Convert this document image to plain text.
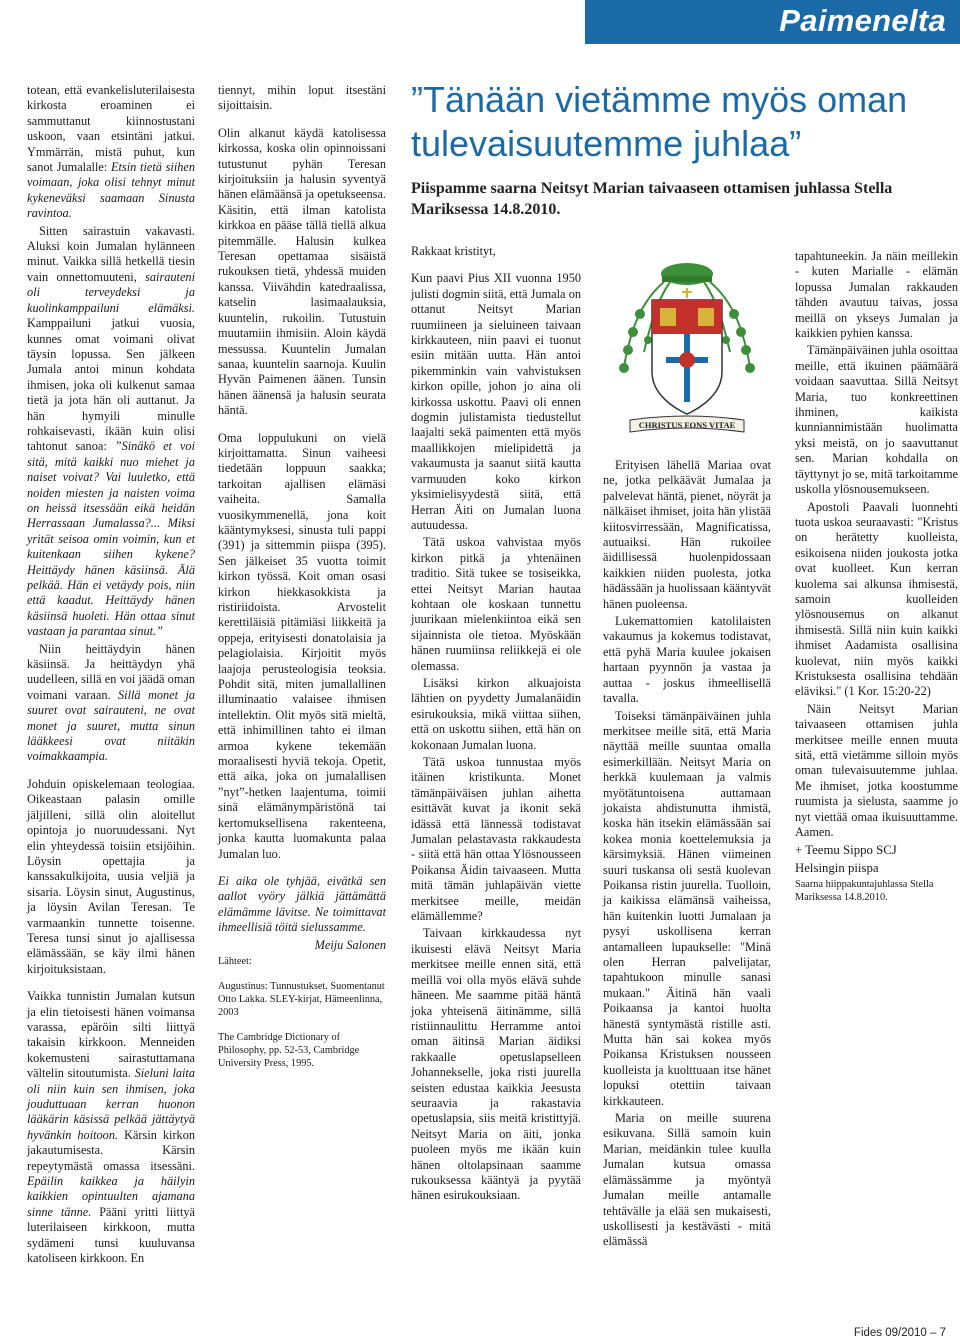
Paimenelta

totean, että evankelisluterilaisesta kirkosta eroaminen ei sammuttanut kiinnostustani uskoon, vaan etsintäni jatkui. Ymmärrän, mistä puhut, kun sanot Jumalalle: Etsin tietä siihen voimaan, joka olisi tehnyt minut kykeneväksi saamaan Sinusta ravintoa.

Sitten sairastuin vakavasti. Aluksi koin Jumalan hylänneen minut. Vaikka sillä hetkellä tiesin vain onnettomuuteni, sairauteni oli terveydeksi ja kuolinkamppailuni elämäksi. Kamppailuni jatkui vuosia, kunnes omat voimani olivat täysin lopussa. Sen jälkeen Jumala antoi minun kohdata ihmisen, joka oli kulkenut samaa tietä ja jota hän oli auttanut. Ja hän hymyili minulle rohkaisevasti, ikään kuin olisi tahtonut sanoa: ”Sinäkö et voi sitä, mitä kaikki nuo miehet ja naiset voivat? Vai luuletko, että noiden miesten ja naisten voima on heissä itsessään eikä heidän Herrassaan Jumalassa?... Miksi yrität seisoa omin voimin, kun et kuitenkaan siihen kykene? Heittäydy hänen käsiinsä. Älä pelkää. Hän ei vetäydy pois, niin että kaadut. Heittäydy hänen käsiinsä huoleti. Hän ottaa sinut vastaan ja parantaa sinut.”

Niin heittäydyin hänen käsiinsä. Ja heittäydyn yhä uudelleen, sillä en voi jäädä oman voimani varaan. Sillä monet ja suuret ovat sairauteni, ne ovat monet ja suuret, mutta sinun lääkkeesi ovat niitäkin voimakkaampia.

Johduin opiskelemaan teologiaa. Oikeastaan palasin omille jäljilleni, sillä olin aloitellut opintoja jo nuoruudessani. Nyt elin yhteydessä toisiin etsijöihin. Löysin opettajia ja kanssakulkijoita, uusia veljiä ja sisaria. Löysin sinut, Augustinus, ja löysin Avilan Teresan. Te varmaankin tunnette toisenne. Teresa tunsi sinut jo ajallisessa elämässään, se käy ilmi hänen kirjoituksistaan.

Vaikka tunnistin Jumalan kutsun ja elin tietoisesti hänen voimansa varassa, epäröin silti liittyä takaisin kirkkoon. Menneiden kokemusteni sairastuttamana vältelin sitoutumista. Sieluni laita oli niin kuin sen ihmisen, joka jouduttuaan kerran huonon lääkärin käsissä pelkää jättäytyä hyvänkin hoitoon. Kärsin kirkon jakautumisesta. Kärsin repeytymästä omassa itsessäni. Epäilin kaikkea ja häilyin kaikkien opintuulten ajamana sinne tänne. Pääni yritti liittyä luterilaiseen kirkkoon, mutta sydämeni tunsi kuuluvansa katoliseen kirkkoon. En

tiennyt, mihin loput itsestäni sijoittaisin.

Olin alkanut käydä katolisessa kirkossa, koska olin opinnoissani tutustunut pyhän Teresan kirjoituksiin ja halusin syventyä hänen elämäänsä ja opetukseensa. Käsitin, että ilman katolista kirkkoa en pääse tällä tiellä alkua pitemmälle. Halusin kulkea Teresan opettamaa sisäistä rukouksen tietä, yhdessä muiden kanssa. Viivähdin katedraalissa, katselin lasimaalauksia, kuuntelin, rukoilin. Tutustuin muutamiin ihmisiin. Aloin käydä messussa. Kuuntelin Jumalan sanaa, kuuntelin saarnoja. Kuulin Hyvän Paimenen äänen. Tunsin hänen äänensä ja halusin seurata häntä.

Oma loppulukuni on vielä kirjoittamatta. Sinun vaiheesi tiedetään loppuun saakka; tarkoitan ajallisen elämäsi vaiheita. Samalla vuosikymmenellä, jona koit kääntymyksesi, sinusta tuli pappi (391) ja sittemmin piispa (395). Sen jälkeiset 35 vuotta toimit kirkon työssä. Koit oman osasi kirkon hiekkasokkista ja ristiriidoista. Arvostelit kerettiläisiä pitämiäsi liikkeitä ja oppeja, erityisesti donatolaisia ja pelagiolaisia. Kirjoitit myös laajoja perusteologisia teoksia. Pohdit sitä, miten jumallallinen illuminaatio valaisee ihmisen intellektin. Olit myös sitä mieltä, että inhimillinen tahto ei ilman armoa kykene tekemään moraalisesti hyviä tekoja. Opetit, että aika, joka on jumalallisen ”nyt”-hetken laajentuma, toimii sinä elämänympäristönä tai kertomuksellisena rakenteena, jonka kautta luomakunta palaa Jumalan luo.

Ei aika ole tyhjää, eivätkä sen aallot vyöry jälkiä jättämättä elämämme lävitse. Ne toimittavat ihmeellisiä töitä sielussamme.

Meiju Salonen

Lähteet:

Augustinus: Tunnustukset. Suomentanut Otto Lakka. SLEY-kirjat, Hämeenlinna, 2003

The Cambridge Dictionary of Philosophy, pp. 52-53, Cambridge University Press, 1995.

”Tänään vietämme myös oman tulevaisuutemme juhlaa”
Piispamme saarna Neitsyt Marian taivaaseen ottamisen juhlassa Stella Mariksessa 14.8.2010.

Rakkaat kristityt,

Kun paavi Pius XII vuonna 1950 julisti dogmin siitä, että Jumala on ottanut Neitsyt Marian ruumiineen ja sieluineen taivaan kirkkauteen, niin paavi ei tuonut esiin mitään uutta. Hän antoi pikemminkin vain vahvistuksen kirkon opille, johon jo aina oli kirkossa uskottu. Paavi oli ennen dogmin julistamista tiedustellut laajalti sekä paimenten että myös maallikkojen mielipidettä ja vakaumusta ja saanut siitä kautta varmuuden koko kirkon yksimielisyydestä siitä, että Herran Äiti on Jumalan luona autuudessa.

Tätä uskoa vahvistaa myös kirkon pitkä ja yhtenäinen traditio. Sitä tukee se tosiseikka, ettei Neitsyt Marian hautaa kohtaan ole koskaan tunnettu juurikaan mielenkiintoa eikä sen sijainnista ole tietoa. Myöskään hänen ruumiinsa reliikkejä ei ole olemassa.

Lisäksi kirkon alkuajoista lähtien on pyydetty Jumalanäidin esirukouksia, mikä viittaa siihen, että on uskottu siihen, että hän on kokonaan Jumalan luona.

Tätä uskoa tunnustaa myös itäinen kristikunta. Monet tämänpäiväisen juhlan aihetta esittävät kuvat ja ikonit sekä idässä että lännessä todistavat Jumalan pelastavasta rakkaudesta - siitä että hän ottaa Ylösnousseen Poikansa Äidin taivaaseen. Mutta mitä tämän juhlapäivän viette merkitsee meille, meidän elämällemme?

Taivaan kirkkaudessa nyt ikuisesti elävä Neitsyt Maria merkitsee meille ennen sitä, että meillä voi olla myös elävä suhde häneen. Me saamme pitää häntä joka yhteisenä äitinämme, sillä ristiinnaulittu Herramme antoi oman äitinsä Marian äidiksi rakkaalle opetuslapselleen Johannekselle, joka risti juurella seisten edustaa kaikkia Jeesusta seuraavia ja rakastavia opetuslapsia, siis meitä kristittyjä. Neitsyt Maria on äiti, jonka puoleen myös me ikään kuin hänen oltolapsinaan saamme rukouksessa kääntyä ja pyytää hänen esirukouksiaan.

CHRISTUS FONS VITAE

Erityisen lähellä Mariaa ovat ne, jotka pelkäävät Jumalaa ja palvelevat häntä, pienet, nöyrät ja nälkäiset ihmiset, joita hän ylistää kiitosvirressään, Magnificatissa, autuaiksi. Hän rukoilee äidillisessä huolenpidossaan kaikkien niiden puolesta, jotka hädässään ja huolissaan kääntyvät hänen puoleensa.

Lukemattomien katolilaisten vakaumus ja kokemus todistavat, että pyhä Maria kuulee jokaisen hartaan pyynnön ja vastaa ja auttaa - joskus ihmeellisellä tavalla.

Toiseksi tämänpäiväinen juhla merkitsee meille sitä, että Maria näyttää meille suuntaa omalla esimerkillään. Neitsyt Maria on herkkä kuulemaan ja valmis myötätuntoisena auttamaan jokaista ahdistunutta ihmistä, koska hän itsekin elämässään sai kokea monia koettelemuksia ja kärsimyksiä. Hänen viimeinen suuri tuskansa oli sestä kuolevan Poikansa ristin juurella. Tuolloin, ja kaikissa elämänsä vaiheissa, hän kuitenkin luotti Jumalaan ja pysyi uskollisena kerran antamalleen lupaukselle: "Minä olen Herran palvelijatar, tapahtukoon minulle sanasi mukaan." Äitinä hän vaali Poikaansa ja kantoi huolta hänestä syntymästä ristille asti. Mutta hän sai kokea myös Poikansa Kristuksen nousseen kuolleista ja kuolttuaan itse hänet lopuksi otettiin taivaan kirkkauteen.

Maria on meille suurena esikuvana. Sillä samoin kuin Marian, meidänkin tulee kuulla Jumalan kutsua omassa elämässämme ja myöntyä Jumalan meille antamalle tehtävälle ja elää sen mukaisesti, uskollisesti ja kestävästi - mitä elämässä

tapahtuneekin. Ja näin meillekin - kuten Marialle - elämän lopussa Jumalan rakkauden tähden avautuu taivas, jossa meillä on ykseys Jumalan ja kaikkien pyhien kanssa.

Tämänpäiväinen juhla osoittaa meille, että ikuinen päämäärä voidaan saavuttaa. Sillä Neitsyt Maria, tuo konkreettinen ihminen, kaikista kunniannimistään huolimatta yksi meistä, on jo saavuttanut sen. Marian kohdalla on täyttynyt jo se, mitä tarkoitamme uskolla ylösnousemukseen.

Apostoli Paavali luonnehti tuota uskoa seuraavasti: "Kristus on herätetty kuolleista, esikoisena niiden joukosta jotka ovat kuolleet. Kun kerran kuolema sai alkunsa ihmisestä, samoin kuolleiden ylösnousemus on alkanut ihmisestä. Sillä niin kuin kaikki ihmiset Aadamista osallisina kuolevat, niin myös kaikki Kristuksesta osallisina tehdään eläviksi." (1 Kor. 15:20-22)

Näin Neitsyt Marian taivaaseen ottamisen juhla merkitsee meille ennen muuta sitä, että vietämme silloin myös oman tulevaisuutemme juhlaa. Me ihmiset, jotka koostumme ruumista ja sielusta, saamme jo nyt viettää omaa ikuisuuttamme. Aamen.

+ Teemu Sippo SCJ

Helsingin piispa

Saarna hiippakuntajuhlassa Stella Mariksessa 14.8.2010.

Fides 09/2010 – 7
